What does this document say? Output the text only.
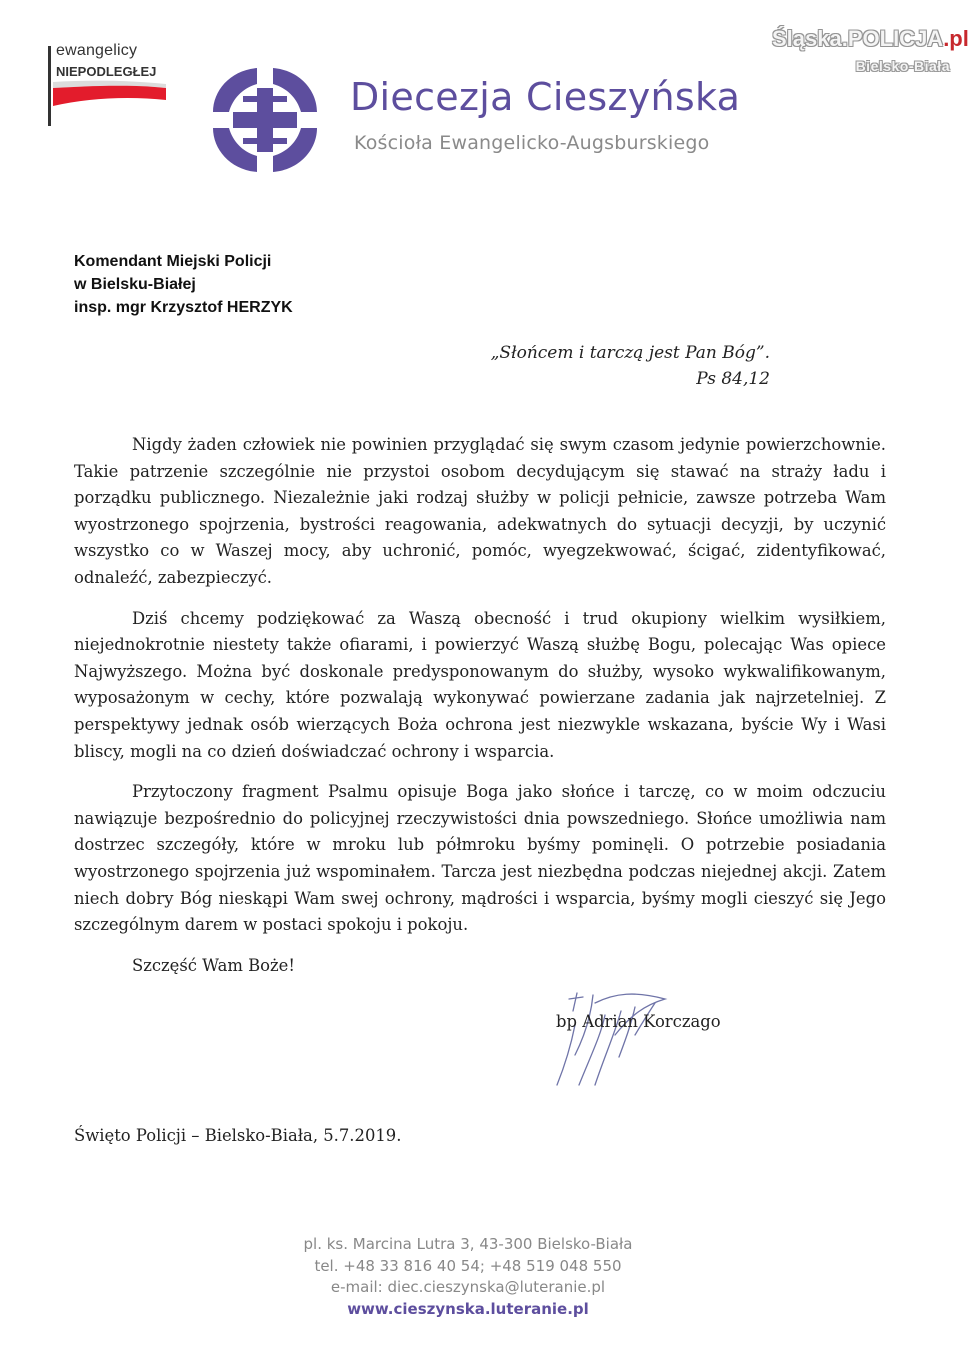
ewangelicy
NIEPODLEGŁEJ
Diecezja Cieszyńska
Kościoła Ewangelicko-Augsburskiego
Śląska.POLICJA.pl
Bielsko-Biała
Komendant Miejski Policji
w Bielsku-Białej
insp. mgr Krzysztof HERZYK
„Słońcem i tarczą jest Pan Bóg”.
Ps 84,12

Nigdy żaden człowiek nie powinien przyglądać się swym czasom jedynie powierzchownie. Takie patrzenie szczególnie nie przystoi osobom decydującym się stawać na straży ładu i porządku publicznego. Niezależnie jaki rodzaj służby w policji pełnicie, zawsze potrzeba Wam wyostrzonego spojrzenia, bystrości reagowania, adekwatnych do sytuacji decyzji, by uczynić wszystko co w Waszej mocy, aby uchronić, pomóc, wyegzekwować, ścigać, zidentyfikować, odnaleźć, zabezpieczyć.

Dziś chcemy podziękować za Waszą obecność i trud okupiony wielkim wysiłkiem, niejednokrotnie niestety także ofiarami, i powierzyć Waszą służbę Bogu, polecając Was opiece Najwyższego. Można być doskonale predysponowanym do służby, wysoko wykwalifikowanym, wyposażonym w cechy, które pozwalają wykonywać powierzane zadania jak najrzetelniej. Z perspektywy jednak osób wierzących Boża ochrona jest niezwykle wskazana, byście Wy i Wasi bliscy, mogli na co dzień doświadczać ochrony i wsparcia.

Przytoczony fragment Psalmu opisuje Boga jako słońce i tarczę, co w moim odczuciu nawiązuje bezpośrednio do policyjnej rzeczywistości dnia powszedniego. Słońce umożliwia nam dostrzec szczegóły, które w mroku lub półmroku byśmy pominęli. O potrzebie posiadania wyostrzonego spojrzenia już wspominałem. Tarcza jest niezbędna podczas niejednej akcji. Zatem niech dobry Bóg nieskąpi Wam swej ochrony, mądrości i wsparcia, byśmy mogli cieszyć się Jego szczególnym darem w postaci spokoju i pokoju.

Szczęść Wam Boże!

bp Adrian Korczago
Święto Policji – Bielsko-Biała, 5.7.2019.
pl. ks. Marcina Lutra 3, 43-300 Bielsko-Biała
tel. +48 33 816 40 54; +48 519 048 550
e-mail: diec.cieszynska@luteranie.pl
www.cieszynska.luteranie.pl
